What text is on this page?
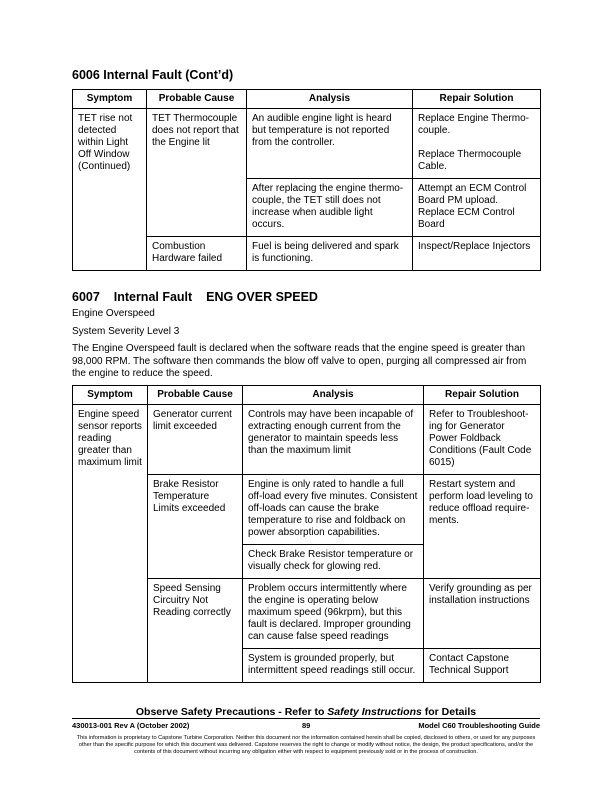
6006 Internal Fault (Cont’d)
Symptom	Probable Cause	Analysis	Repair Solution
TET rise not detected within Light Off Window (Continued)	TET Thermocouple does not report that the Engine lit	An audible engine light is heard but temperature is not reported from the controller.	Replace Engine Thermo-couple.
Replace Thermocouple Cable.

		After replacing the engine thermo-couple, the TET still does not increase when audible light occurs.	Attempt an ECM Control Board PM upload. Replace ECM Control Board
	Combustion Hardware failed	Fuel is being delivered and spark is functioning.	Inspect/Replace Injectors
6007 Internal Fault ENG OVER SPEED

Engine Overspeed

System Severity Level 3

The Engine Overspeed fault is declared when the software reads that the engine speed is greater than 98,000 RPM. The software then commands the blow off valve to open, purging all compressed air from the engine to reduce the speed.

Symptom	Probable Cause	Analysis	Repair Solution
Engine speed sensor reports reading greater than maximum limit	Generator current limit exceeded	Controls may have been incapable of extracting enough current from the generator to maintain speeds less than the maximum limit	Refer to Troubleshoot-ing for Generator Power Foldback Conditions (Fault Code 6015)
	Brake Resistor Temperature Limits exceeded	Engine is only rated to handle a full off-load every five minutes. Consistent off-loads can cause the brake temperature to rise and foldback on power absorption capabilities.	Restart system and perform load leveling to reduce offload require-ments.
		Check Brake Resistor temperature or visually check for glowing red.	
	Speed Sensing Circuitry Not Reading correctly	Problem occurs intermittently where the engine is operating below maximum speed (96krpm), but this fault is declared. Improper grounding can cause false speed readings	Verify grounding as per installation instructions
		System is grounded properly, but intermittent speed readings still occur.	Contact Capstone Technical Support

Observe Safety Precautions - Refer to Safety Instructions for Details

430013-001 Rev A (October 2002)	89	Model C60 Troubleshooting Guide

This information is proprietary to Capstone Turbine Corporation. Neither this document nor the information contained herein shall be copied, disclosed to others, or used for any purposes other than the specific purpose for which this document was delivered. Capstone reserves the right to change or modify without notice, the design, the product specifications, and/or the contents of this document without incurring any obligation either with respect to equipment previously sold or in the process of construction.
